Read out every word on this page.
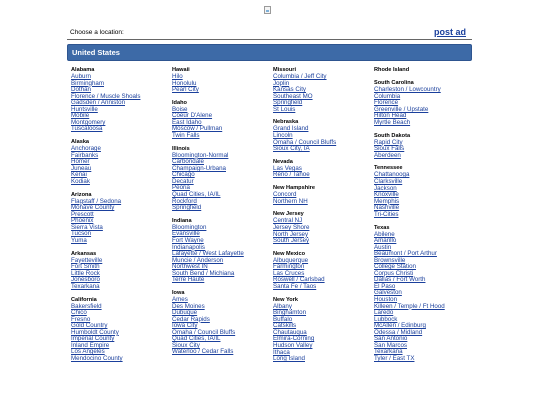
Choose a location:	post ad
United States
Alabama
Auburn
Birmingham
Dothan
Florence / Muscle Shoals
Gadsden / Anniston
Huntsville
Mobile
Montgomery
Tuscaloosa
Alaska
Anchorage
Fairbanks
Homer
Juneau
Kenai
Kodiak
Arizona
Flagstaff / Sedona
Mohave County
Prescott
Phoenix
Sierra Vista
Tucson
Yuma
Arkansas
Fayetteville
Fort Smith
Little Rock
Jonesboro
Texarkana
California
Bakersfield
Chico
Fresno
Gold Country
Humboldt County
Imperial County
Inland Empire
Los Angeles
Mendocino County
Hawaii
Hilo
Honolulu
Pearl City
Idaho
Boise
Coeur D'Alene
East Idaho
Moscow / Pullman
Twin Falls
Illinois
Bloomington-Normal
Carbondale
Champaign-Urbana
Chicago
Decatur
Peoria
Quad Cities, IA/IL
Rockford
Springfield
Indiana
Bloomington
Evansville
Fort Wayne
Indianapolis
Lafayette / West Lafayette
Muncie / Anderson
Northwest IN
South Bend / Michiana
Terre Haute
Iowa
Ames
Des Moines
Dubuque
Cedar Rapids
Iowa City
Omaha / Council Bluffs
Quad Cities, IA/IL
Sioux City
Waterloo / Cedar Falls
Missouri
Columbia / Jeff City
Joplin
Kansas City
Southeast MO
Springfield
St Louis
Nebraska
Grand Island
Lincoln
Omaha / Council Bluffs
Sioux City, IA
Nevada
Las Vegas
Reno / Tahoe
New Hampshire
Concord
Northern NH
New Jersey
Central NJ
Jersey Shore
North Jersey
South Jersey
New Mexico
Albuquerque
Farmington
Las Cruces
Roswell / Carlsbad
Santa Fe / Taos
New York
Albany
Binghamton
Buffalo
Catskills
Chautauqua
Elmira-Corning
Hudson Valley
Ithaca
Long Island
Rhode Island
South Carolina
Charleston / Lowcountry
Columbia
Florence
Greenville / Upstate
Hilton Head
Myrtle Beach
South Dakota
Rapid City
Sioux Falls
Aberdeen
Tennessee
Chattanooga
Clarksville
Jackson
Knoxville
Memphis
Nashville
Tri-Cities
Texas
Abilene
Amarillo
Austin
Beaumont / Port Arthur
Brownsville
College Station
Corpus Christi
Dallas / Fort Worth
El Paso
Galveston
Houston
Killeen / Temple / Ft Hood
Laredo
Lubbock
McAllen / Edinburg
Odessa / Midland
San Antonio
San Marcos
Texarkana
Tyler / East TX
